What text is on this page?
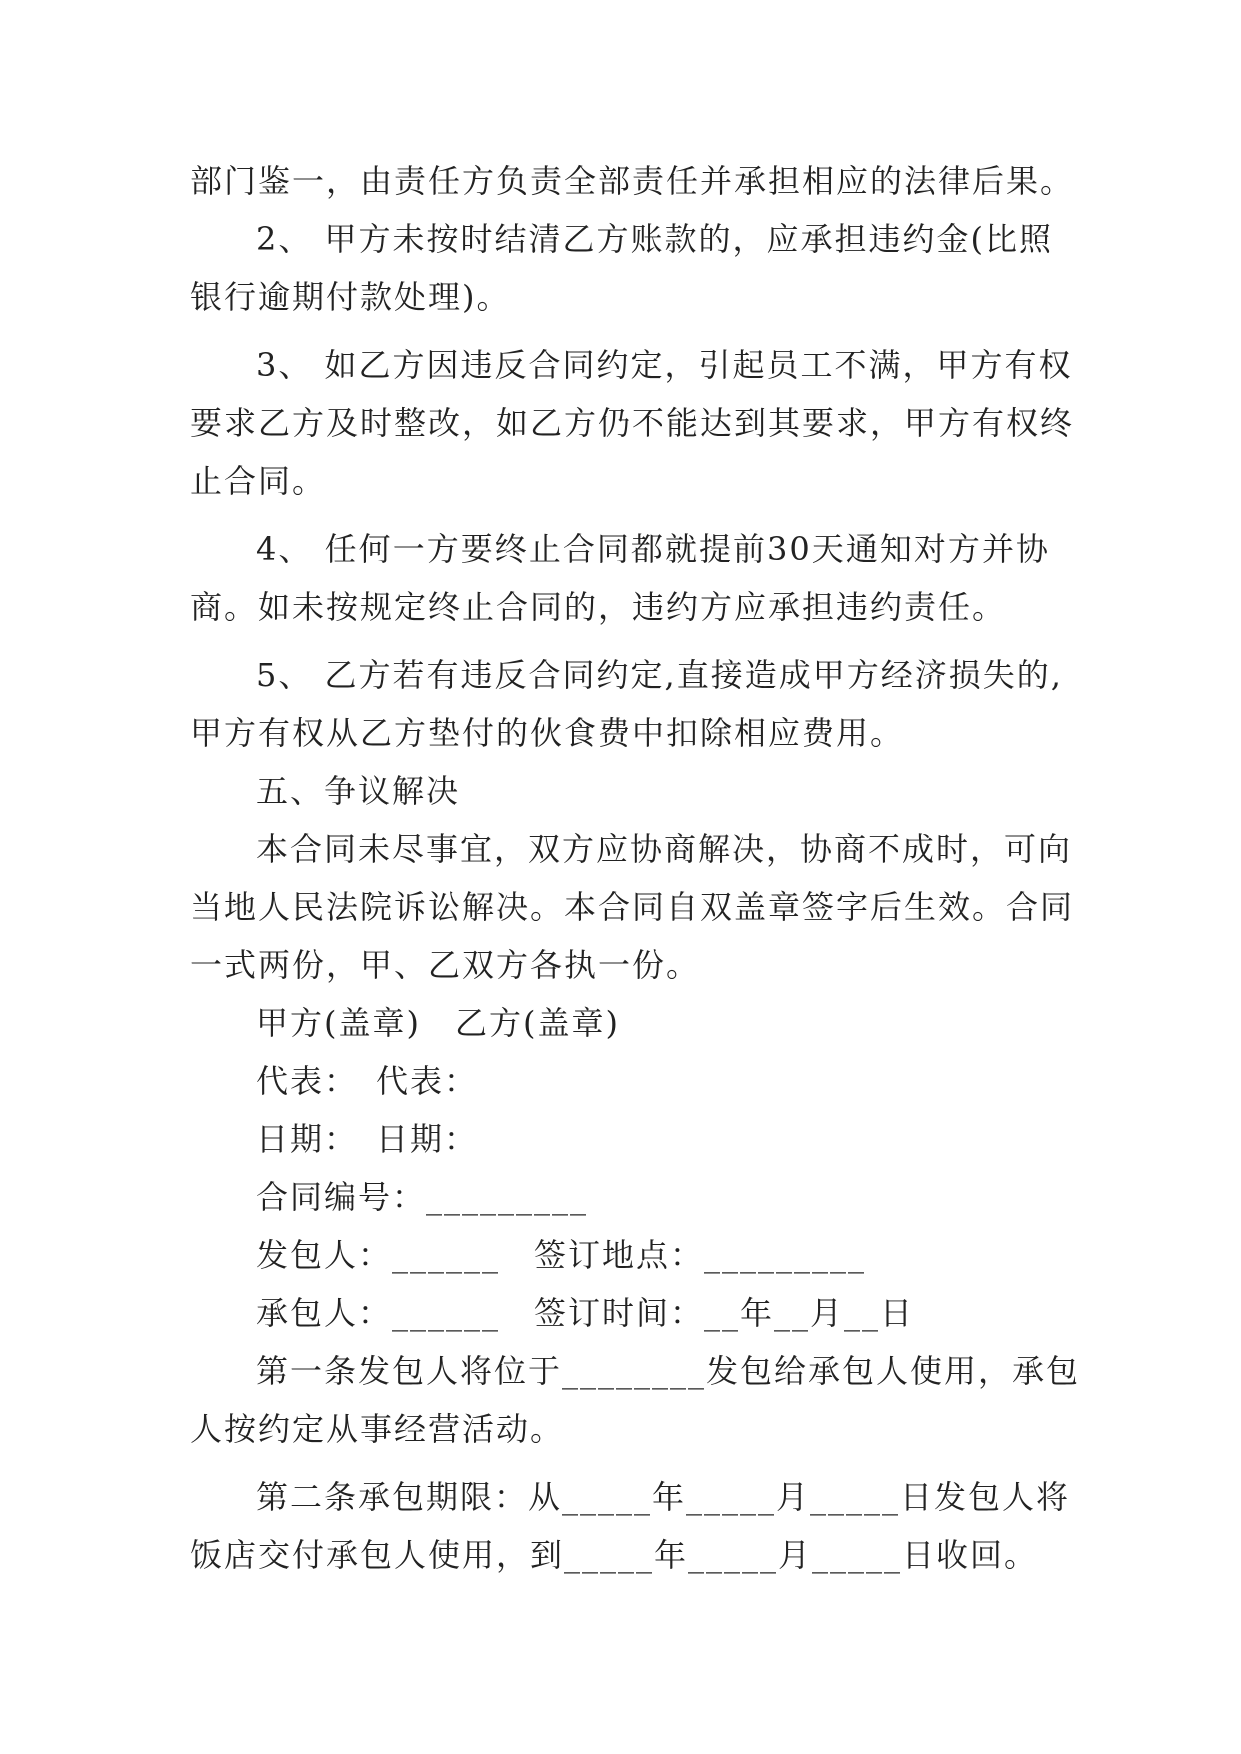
部门鉴一，由责任方负责全部责任并承担相应的法律后果。
2、 甲方未按时结清乙方账款的，应承担违约金(比照
银行逾期付款处理)。
3、 如乙方因违反合同约定，引起员工不满，甲方有权
要求乙方及时整改，如乙方仍不能达到其要求，甲方有权终
止合同。
4、 任何一方要终止合同都就提前30天通知对方并协
商。如未按规定终止合同的，违约方应承担违约责任。
5、 乙方若有违反合同约定,直接造成甲方经济损失的,
甲方有权从乙方垫付的伙食费中扣除相应费用。
五、争议解决
本合同未尽事宜，双方应协商解决，协商不成时，可向
当地人民法院诉讼解决。本合同自双盖章签字后生效。合同
一式两份，甲、乙双方各执一份。
甲方(盖章)　乙方(盖章)
代表：　代表：
日期：　日期：
合同编号：_________
发包人：______　签订地点：_________
承包人：______　签订时间：__年__月__日
第一条发包人将位于________发包给承包人使用，承包
人按约定从事经营活动。
第二条承包期限：从_____年_____月_____日发包人将
饭店交付承包人使用，到_____年_____月_____日收回。
